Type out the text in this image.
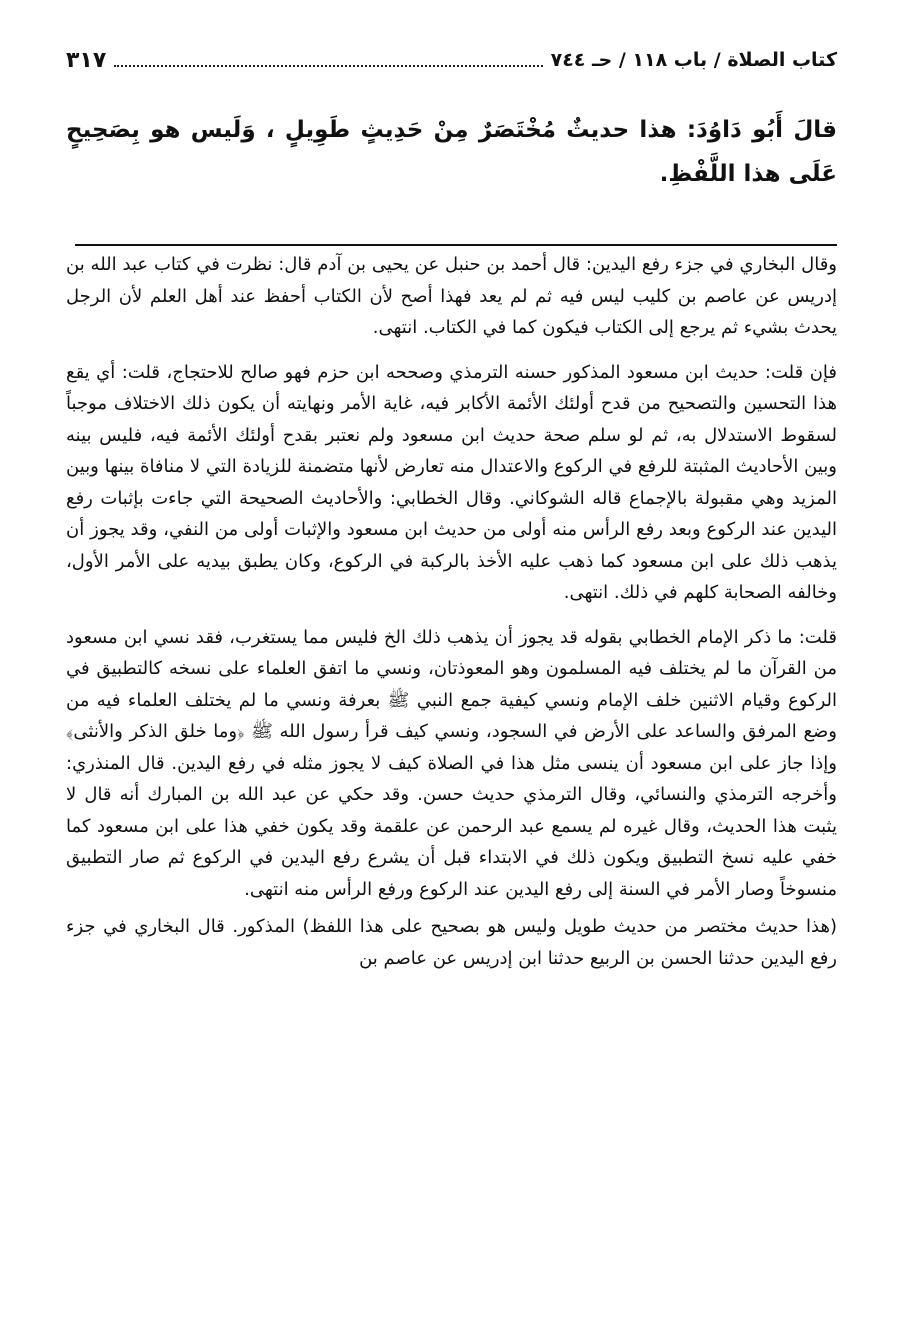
كتاب الصلاة / باب ١١٨ / حـ ٧٤٤
٣١٧
قالَ أَبُو دَاوُدَ: هذا حديثٌ مُخْتَصَرٌ مِنْ حَدِيثٍ طَوِيلٍ ، وَلَيس هو بِصَحِيحٍ عَلَى هذا اللَّفْظِ.

وقال البخاري في جزء رفع اليدين: قال أحمد بن حنبل عن يحيى بن آدم قال: نظرت في كتاب عبد الله بن إدريس عن عاصم بن كليب ليس فيه ثم لم يعد فهذا أصح لأن الكتاب أحفظ عند أهل العلم لأن الرجل يحدث بشيء ثم يرجع إلى الكتاب فيكون كما في الكتاب. انتهى.

فإن قلت: حديث ابن مسعود المذكور حسنه الترمذي وصححه ابن حزم فهو صالح للاحتجاج، قلت: أي يقع هذا التحسين والتصحيح من قدح أولئك الأئمة الأكابر فيه، غاية الأمر ونهايته أن يكون ذلك الاختلاف موجباً لسقوط الاستدلال به، ثم لو سلم صحة حديث ابن مسعود ولم نعتبر بقدح أولئك الأئمة فيه، فليس بينه وبين الأحاديث المثبتة للرفع في الركوع والاعتدال منه تعارض لأنها متضمنة للزيادة التي لا منافاة بينها وبين المزيد وهي مقبولة بالإجماع قاله الشوكاني. وقال الخطابي: والأحاديث الصحيحة التي جاءت بإثبات رفع اليدين عند الركوع وبعد رفع الرأس منه أولى من حديث ابن مسعود والإثبات أولى من النفي، وقد يجوز أن يذهب ذلك على ابن مسعود كما ذهب عليه الأخذ بالركبة في الركوع، وكان يطبق بيديه على الأمر الأول، وخالفه الصحابة كلهم في ذلك. انتهى.

قلت: ما ذكر الإمام الخطابي بقوله قد يجوز أن يذهب ذلك الخ فليس مما يستغرب، فقد نسي ابن مسعود من القرآن ما لم يختلف فيه المسلمون وهو المعوذتان، ونسي ما اتفق العلماء على نسخه كالتطبيق في الركوع وقيام الاثنين خلف الإمام ونسي كيفية جمع النبي ﷺ بعرفة ونسي ما لم يختلف العلماء فيه من وضع المرفق والساعد على الأرض في السجود، ونسي كيف قرأ رسول الله ﷺ ﴿وما خلق الذكر والأنثى﴾ وإذا جاز على ابن مسعود أن ينسى مثل هذا في الصلاة كيف لا يجوز مثله في رفع اليدين. قال المنذري: وأخرجه الترمذي والنسائي، وقال الترمذي حديث حسن. وقد حكي عن عبد الله بن المبارك أنه قال لا يثبت هذا الحديث، وقال غيره لم يسمع عبد الرحمن عن علقمة وقد يكون خفي هذا على ابن مسعود كما خفي عليه نسخ التطبيق ويكون ذلك في الابتداء قبل أن يشرع رفع اليدين في الركوع ثم صار التطبيق منسوخاً وصار الأمر في السنة إلى رفع اليدين عند الركوع ورفع الرأس منه انتهى.

(هذا حديث مختصر من حديث طويل وليس هو بصحيح على هذا اللفظ) المذكور. قال البخاري في جزء رفع اليدين حدثنا الحسن بن الربيع حدثنا ابن إدريس عن عاصم بن
